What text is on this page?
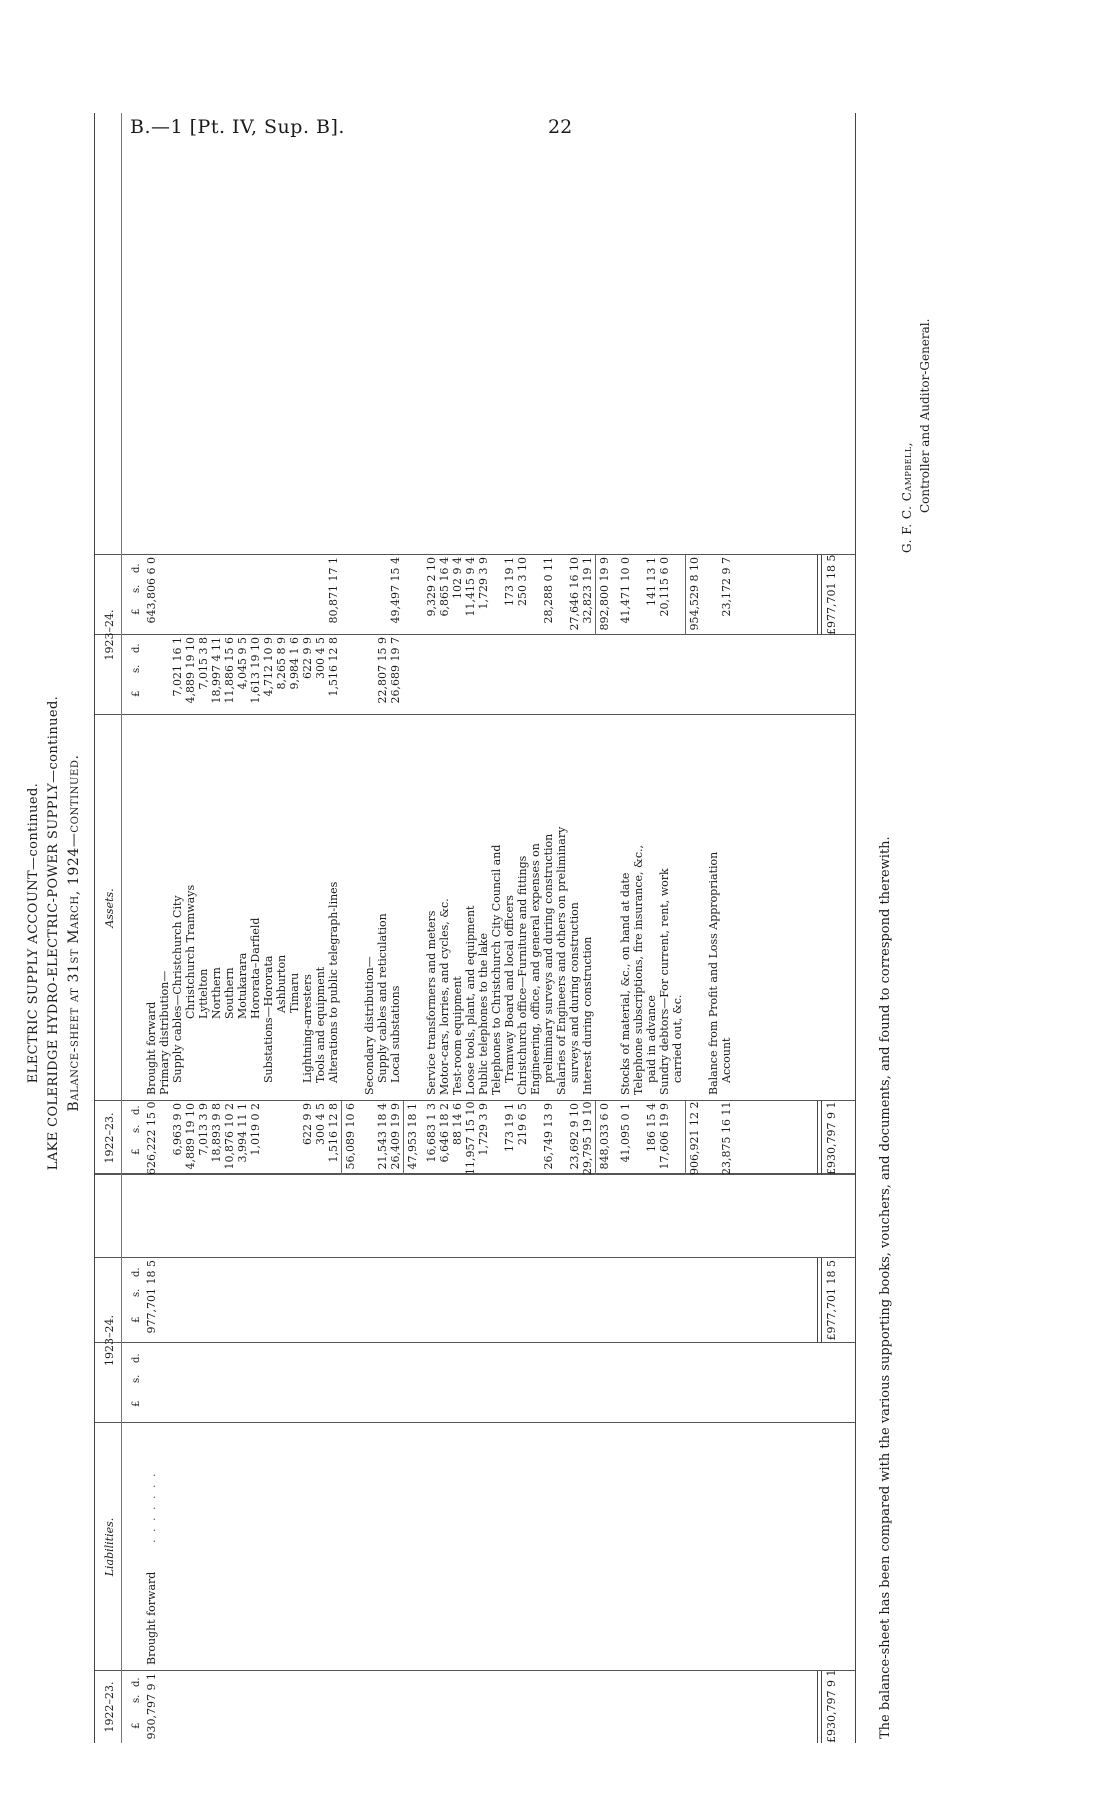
B.—1 [Pt. IV, Sup. B].	22
ELECTRIC SUPPLY ACCOUNT—continued. LAKE COLERIDGE HYDRO-ELECTRIC-POWER SUPPLY—continued. Balance-sheet at 31st March, 1924—continued.
1922–23.
Liabilities.
1923–24.
1922–23.
Assets.
1923–24.
£
s.
d.
£
s.
d.
£
s.
d.
£
s.
d.
£
s.
d.
£
s.
d.
930,797 9 1
Brought forward
. . . . . . .
977,701 18 5
£930,797 9 1
£977,701 18 5
Brought forward
626,222 15 0
643,806 6 0
Primary distribution— Supply cables—Christchurch City
6,963 9 0
7,021 16 1
Christchurch Tramways
4,889 19 10
4,889 19 10
Lyttelton
7,013 3 9
7,015 3 8
Northern
18,893 9 8
18,997 4 11
Southern
10,876 10 2
11,886 15 6
Motukarara
3,994 11 1
4,045 9 5
Hororata–Darfield
1,019 0 2
1,613 19 10
Substations—Hororata
4,712 10 9
Ashburton
8,265 8 9
Timaru
9,984 1 6
Lightning-arresters
622 9 9
622 9 9
Tools and equipment
300 4 5
300 4 5
Alterations to public telegraph-lines
1,516 12 8
1,516 12 8
80,871 17 1
56,089 10 6
Secondary distribution— Supply cables and reticulation
21,543 18 4
22,807 15 9
Local substations
26,409 19 9
26,689 19 7
49,497 15 4
47,953 18 1
Service transformers and meters
16,683 1 3
Motor-cars, lorries, and cycles, &c.
6,646 18 2
Test-room equipment
88 14 6
Loose tools, plant, and equipment
11,957 15 10
Public telephones to the lake
1,729 3 9
Telephones to Christchurch City Council and Tramway Board and local officers
173 19 1
Christchurch office—Furniture and fittings
219 6 5
Engineering, office, and general expenses on preliminary surveys and during construction
26,749 13 9
Salaries of Engineers and others on preliminary surveys and during construction
23,692 9 10
Interest during construction
29,795 19 10
9,329 2 10 6,865 16 4 102 9 4 11,415 9 4 1,729 3 9 173 19 1 250 3 10 28,288 0 11 27,646 16 10 32,823 19 1
848,033 6 0
892,800 19 9
Stocks of material, &c., on hand at date
41,095 0 1
Telephone subscriptions, fire insurance, &c., paid in advance
186 15 4
Sundry debtors—For current, rent, work
17,606 19 9
carried out, &c.
41,471 10 0 141 13 1 20,115 6 0
906,921 12 2
954,529 8 10
Balance from Profit and Loss Appropriation Account
23,875 16 11
23,172 9 7
£930,797 9 1
£977,701 18 5
The balance-sheet has been compared with the various supporting books, vouchers, and documents, and found to correspond therewith.
G. F. C. Campbell, Controller and Auditor-General.
